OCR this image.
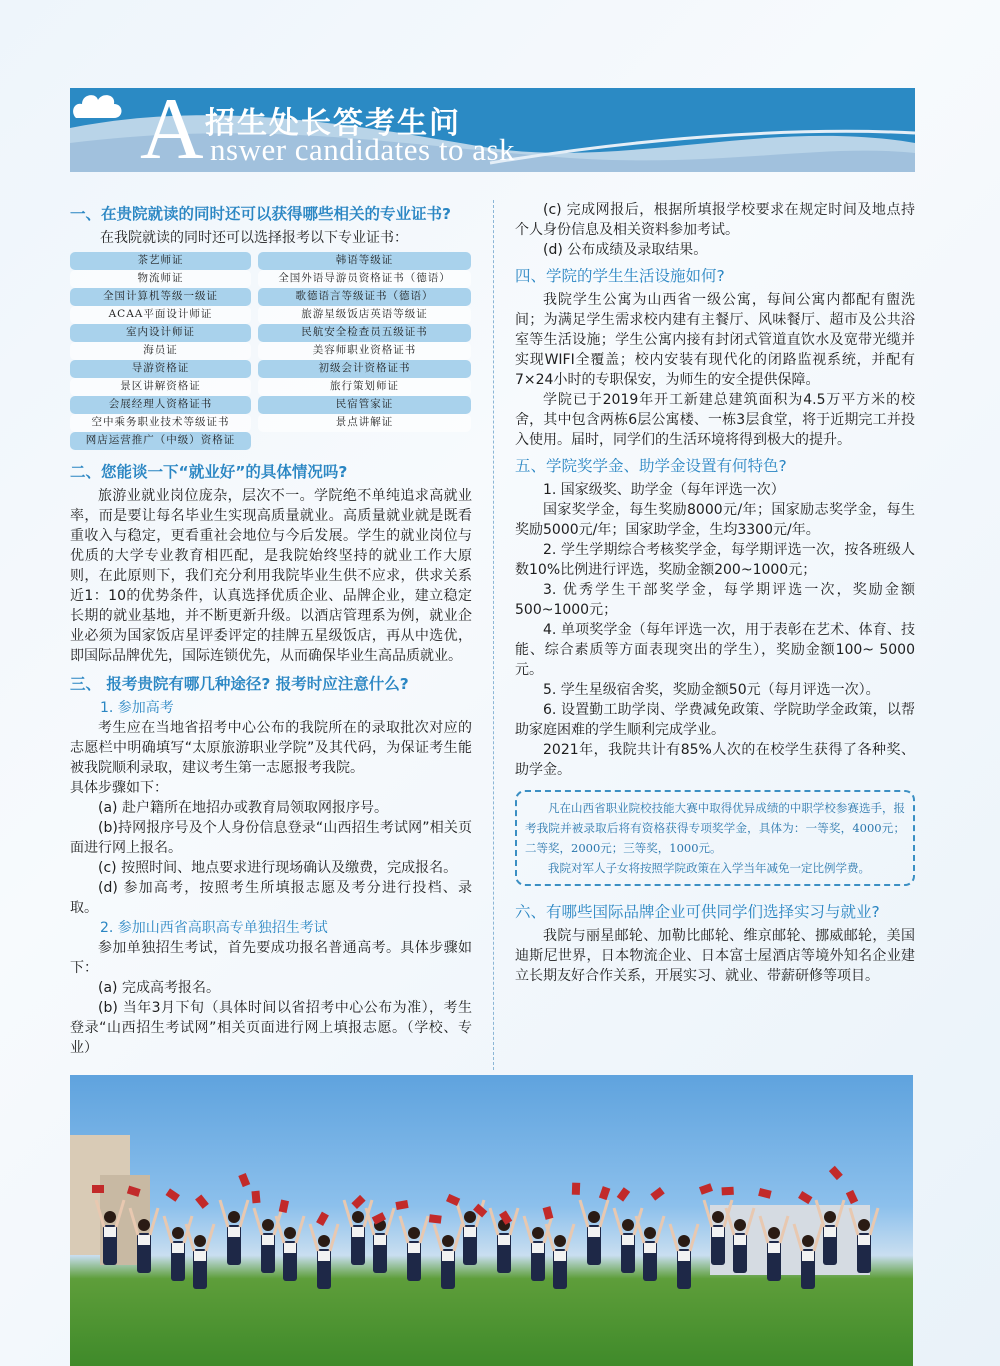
A 招生处长答考生问
nswer candidates to ask
一、在贵院就读的同时还可以获得哪些相关的专业证书?

在我院就读的同时还可以选择报考以下专业证书：

茶艺师证	韩语等级证
物流师证	全国外语导游员资格证书（德语）
全国计算机等级一级证	歌德语言等级证书（德语）
ACAA平面设计师证	旅游星级饭店英语等级证
室内设计师证	民航安全检查员五级证书
海员证	美容师职业资格证书
导游资格证	初级会计资格证书
景区讲解资格证	旅行策划师证
会展经理人资格证书	民宿管家证
空中乘务职业技术等级证书	景点讲解证
网店运营推广（中级）资格证
二、您能谈一下“就业好”的具体情况吗?

旅游业就业岗位庞杂，层次不一。学院绝不单纯追求高就业率，而是要让每名毕业生实现高质量就业。高质量就业就是既看重收入与稳定，更看重社会地位与今后发展。学生的就业岗位与优质的大学专业教育相匹配，是我院始终坚持的就业工作大原则，在此原则下，我们充分利用我院毕业生供不应求，供求关系近1：10的优势条件，认真选择优质企业、品牌企业，建立稳定长期的就业基地，并不断更新升级。以酒店管理系为例，就业企业必须为国家饭店星评委评定的挂牌五星级饭店，再从中选优，即国际品牌优先，国际连锁优先，从而确保毕业生高品质就业。

三、 报考贵院有哪几种途径? 报考时应注意什么?
1. 参加高考

考生应在当地省招考中心公布的我院所在的录取批次对应的志愿栏中明确填写“太原旅游职业学院”及其代码，为保证考生能被我院顺利录取，建议考生第一志愿报考我院。

具体步骤如下：

(a) 赴户籍所在地招办或教育局领取网报序号。

(b)持网报序号及个人身份信息登录“山西招生考试网”相关页面进行网上报名。

(c) 按照时间、地点要求进行现场确认及缴费，完成报名。

(d) 参加高考，按照考生所填报志愿及考分进行投档、录取。

2. 参加山西省高职高专单独招生考试

参加单独招生考试，首先要成功报名普通高考。具体步骤如下：

(a) 完成高考报名。

(b) 当年3月下旬（具体时间以省招考中心公布为准），考生登录“山西招生考试网”相关页面进行网上填报志愿。（学校、专业）

(c) 完成网报后，根据所填报学校要求在规定时间及地点持个人身份信息及相关资料参加考试。

(d) 公布成绩及录取结果。

四、学院的学生生活设施如何?

我院学生公寓为山西省一级公寓，每间公寓内都配有盥洗间；为满足学生需求校内建有主餐厅、风味餐厅、超市及公共浴室等生活设施；学生公寓内接有封闭式管道直饮水及宽带光缆并实现WIFI全覆盖；校内安装有现代化的闭路监视系统，并配有7×24小时的专职保安，为师生的安全提供保障。

学院已于2019年开工新建总建筑面积为4.5万平方米的校舍，其中包含两栋6层公寓楼、一栋3层食堂，将于近期完工并投入使用。届时，同学们的生活环境将得到极大的提升。

五、学院奖学金、助学金设置有何特色?

1. 国家级奖、助学金（每年评选一次）

国家奖学金，每生奖励8000元/年；国家励志奖学金，每生奖励5000元/年；国家助学金，生均3300元/年。

2. 学生学期综合考核奖学金，每学期评选一次，按各班级人数10%比例进行评选，奖励金额200~1000元；

3. 优秀学生干部奖学金，每学期评选一次，奖励金额500~1000元；

4. 单项奖学金（每年评选一次，用于表彰在艺术、体育、技能、综合素质等方面表现突出的学生），奖励金额100~ 5000元。

5. 学生星级宿舍奖，奖励金额50元（每月评选一次）。

6. 设置勤工助学岗、学费减免政策、学院助学金政策，以帮助家庭困难的学生顺利完成学业。

2021年，我院共计有85%人次的在校学生获得了各种奖、助学金。

凡在山西省职业院校技能大赛中取得优异成绩的中职学校参赛选手，报考我院并被录取后将有资格获得专项奖学金，具体为：一等奖，4000元；二等奖，2000元；三等奖，1000元。

我院对军人子女将按照学院政策在入学当年减免一定比例学费。

六、有哪些国际品牌企业可供同学们选择实习与就业?

我院与丽星邮轮、加勒比邮轮、维京邮轮、挪威邮轮，美国迪斯尼世界，日本物流企业、日本富士屋酒店等境外知名企业建立长期友好合作关系，开展实习、就业、带薪研修等项目。
